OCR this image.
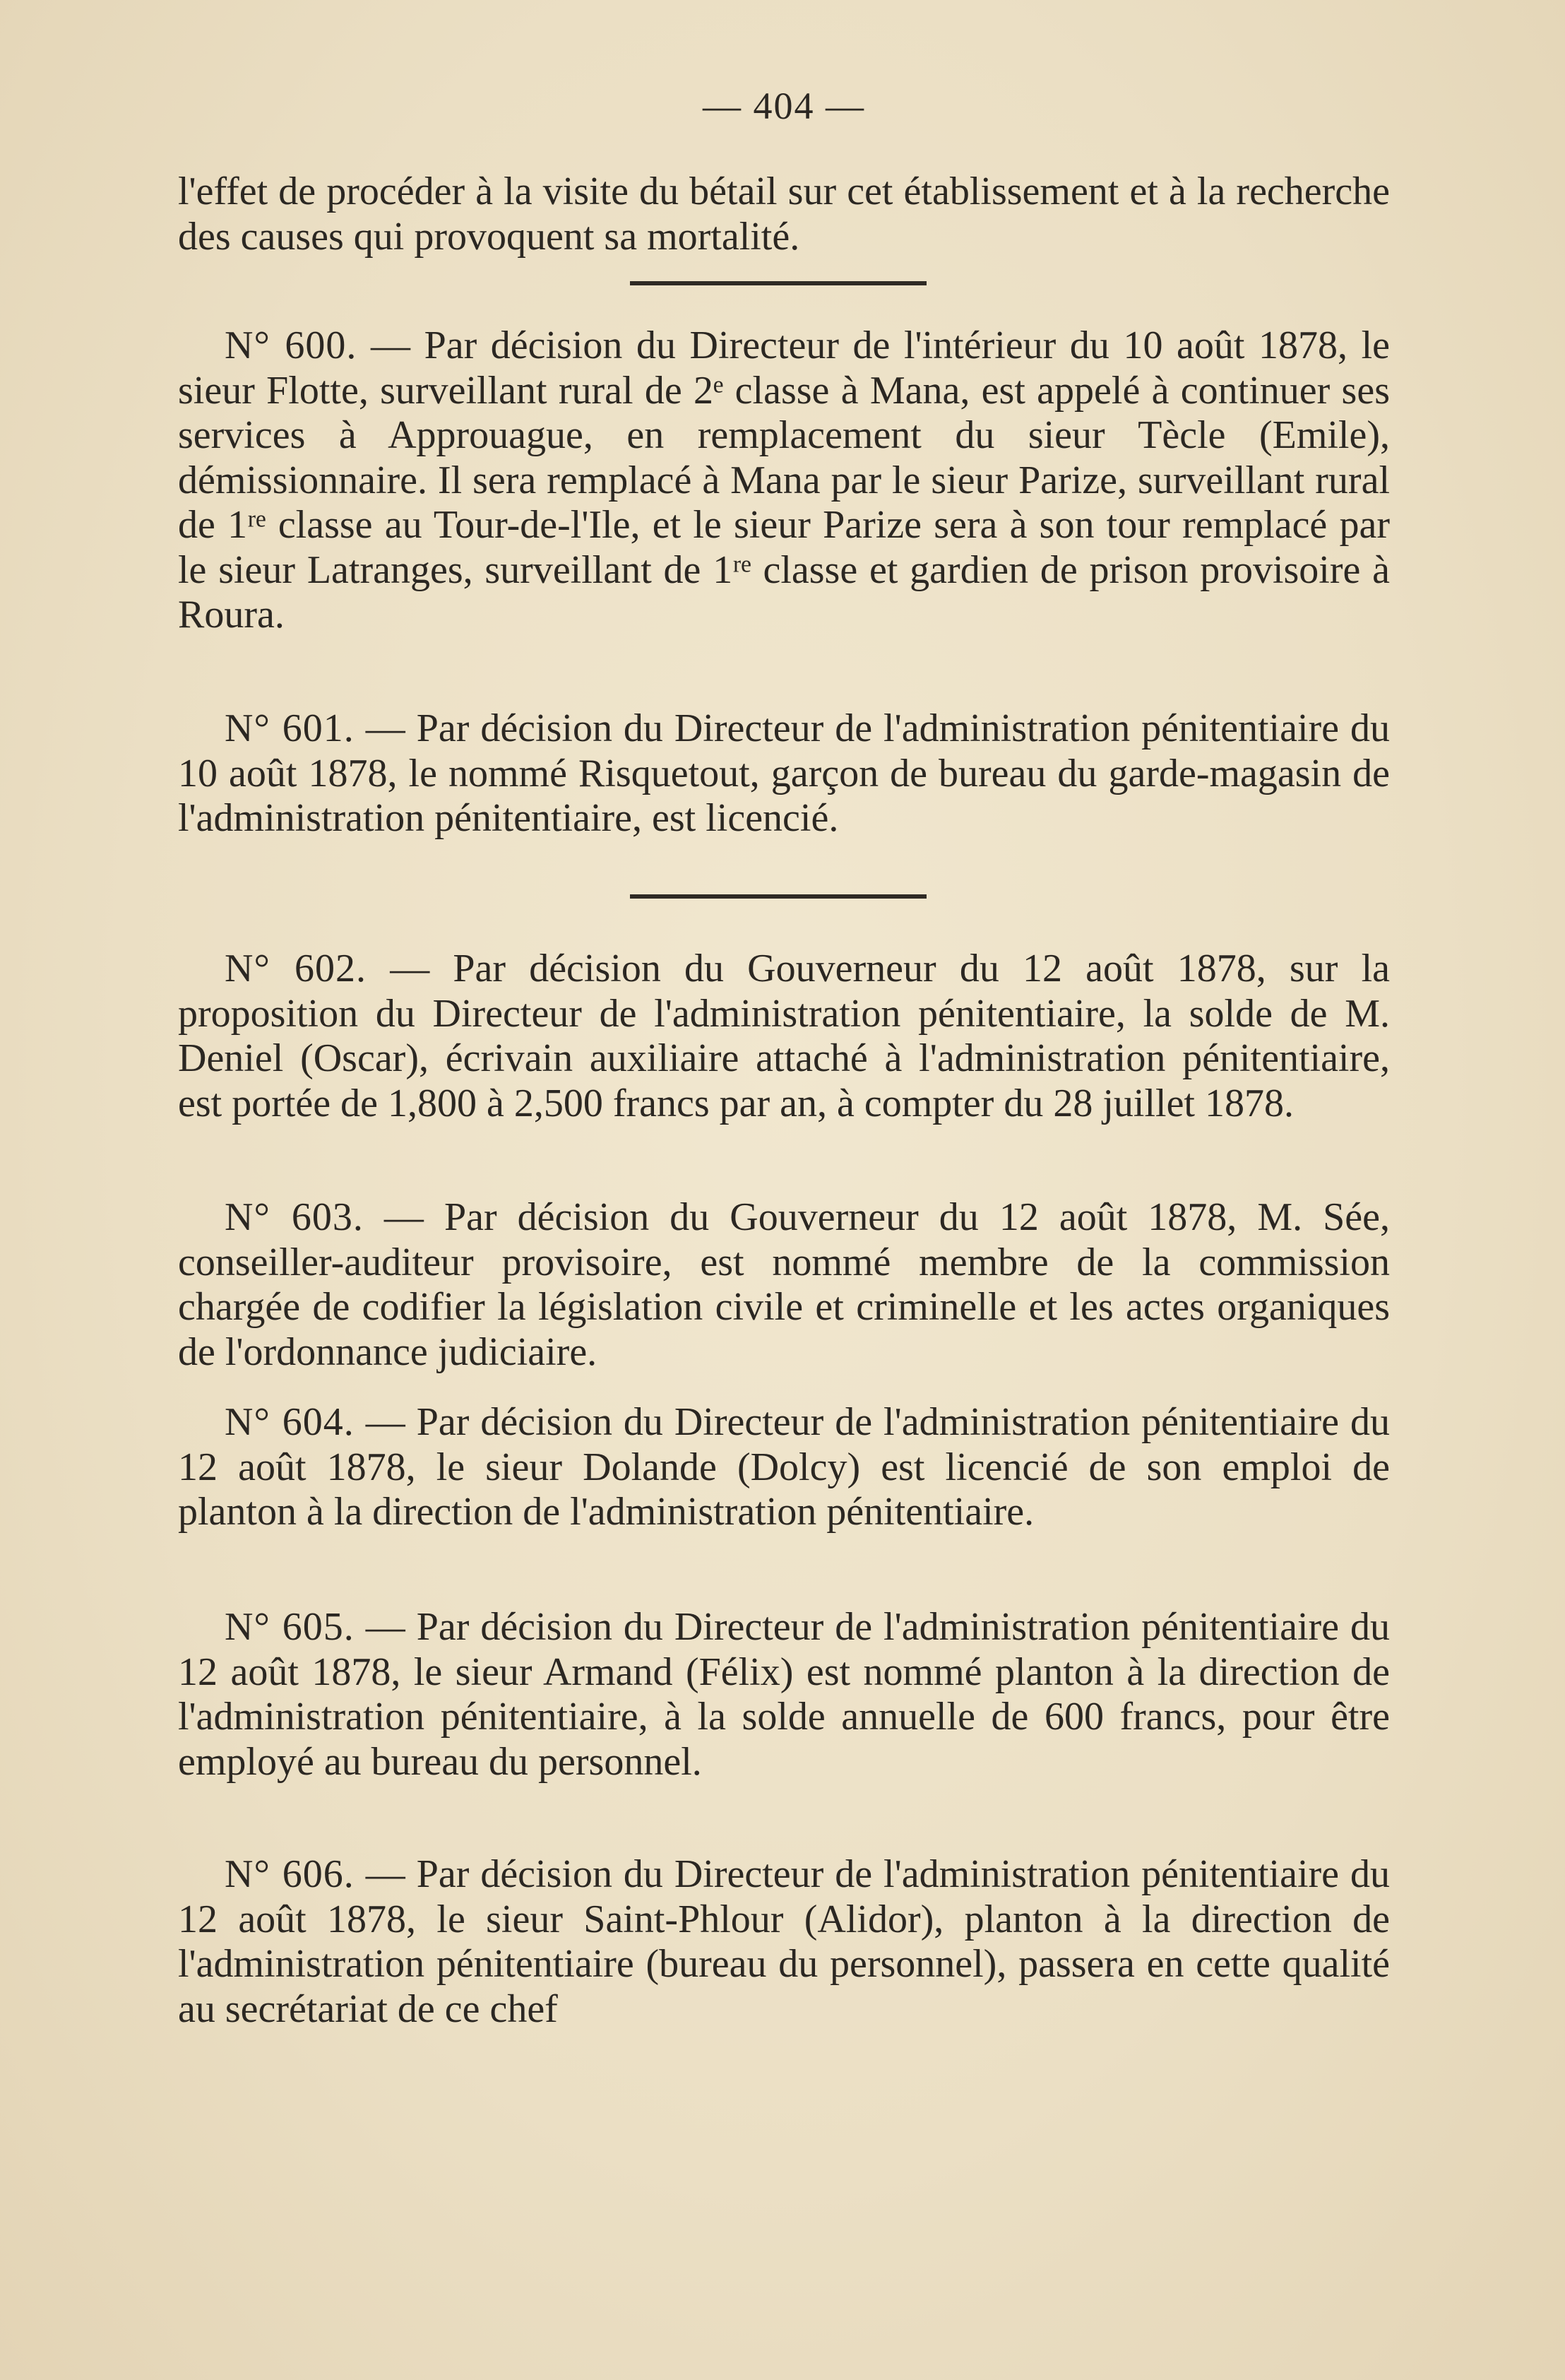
— 404 —

l'effet de procéder à la visite du bétail sur cet établissement et à la recherche des causes qui provoquent sa mortalité.

N° 600. — Par décision du Directeur de l'intérieur du 10 août 1878, le sieur Flotte, surveillant rural de 2ᵉ classe à Mana, est appelé à continuer ses services à Approuague, en remplacement du sieur Tècle (Emile), démissionnaire. Il sera remplacé à Mana par le sieur Parize, surveillant rural de 1ʳᵉ classe au Tour-de-l'Ile, et le sieur Parize sera à son tour remplacé par le sieur Latranges, surveillant de 1ʳᵉ classe et gardien de prison provisoire à Roura.

N° 601. — Par décision du Directeur de l'administration pénitentiaire du 10 août 1878, le nommé Risquetout, garçon de bureau du garde-magasin de l'administration pénitentiaire, est licencié.

N° 602. — Par décision du Gouverneur du 12 août 1878, sur la proposition du Directeur de l'administration pénitentiaire, la solde de M. Deniel (Oscar), écrivain auxiliaire attaché à l'administration pénitentiaire, est portée de 1,800 à 2,500 francs par an, à compter du 28 juillet 1878.

N° 603. — Par décision du Gouverneur du 12 août 1878, M. Sée, conseiller-auditeur provisoire, est nommé membre de la commission chargée de codifier la législation civile et criminelle et les actes organiques de l'ordonnance judiciaire.

N° 604. — Par décision du Directeur de l'administration pénitentiaire du 12 août 1878, le sieur Dolande (Dolcy) est licencié de son emploi de planton à la direction de l'administration pénitentiaire.

N° 605. — Par décision du Directeur de l'administration pénitentiaire du 12 août 1878, le sieur Armand (Félix) est nommé planton à la direction de l'administration pénitentiaire, à la solde annuelle de 600 francs, pour être employé au bureau du personnel.

N° 606. — Par décision du Directeur de l'administration pénitentiaire du 12 août 1878, le sieur Saint-Phlour (Alidor), planton à la direction de l'administration pénitentiaire (bureau du personnel), passera en cette qualité au secrétariat de ce chef
